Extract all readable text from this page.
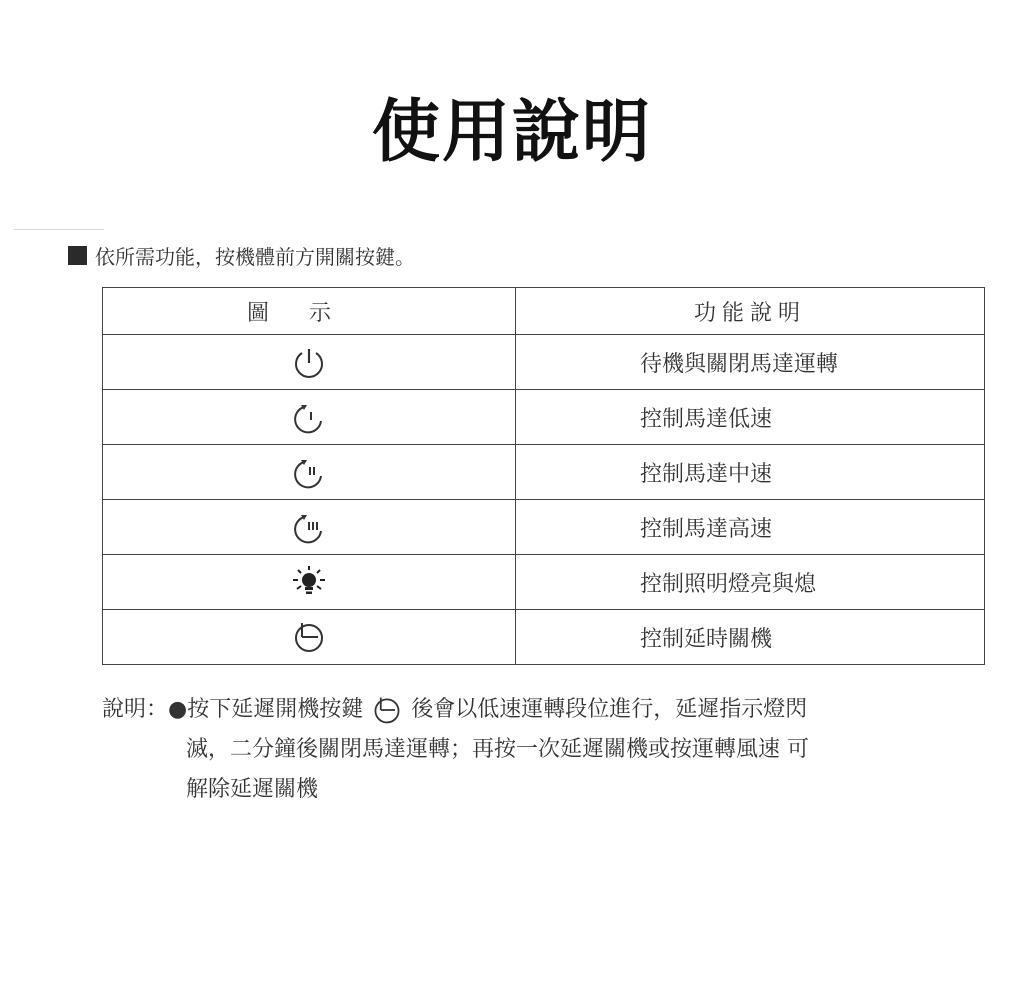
使用說明
依所需功能，按機體前方開關按鍵。
圖示	功能說明

	待機與關閉馬達運轉

	控制馬達低速

	控制馬達中速

	控制馬達高速

	控制照明燈亮與熄

	控制延時關機
說明： ●按下延遲開機按鍵 後會以低速運轉段位進行，延遲指示燈閃
滅，二分鐘後關閉馬達運轉；再按一次延遲關機或按運轉風速 可
解除延遲關機
